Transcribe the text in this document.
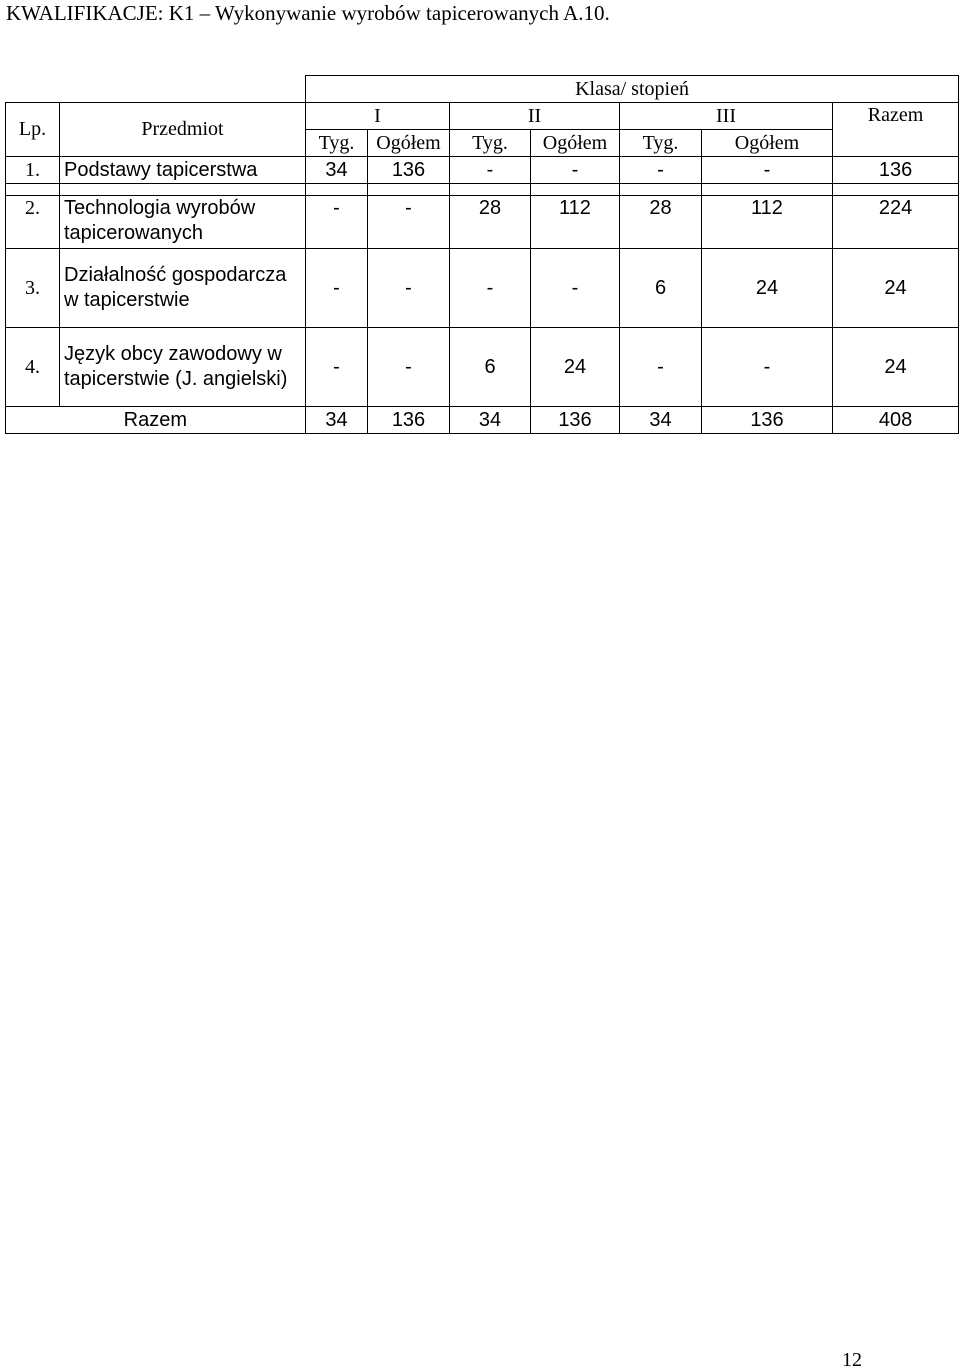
KWALIFIKACJE: K1 – Wykonywanie wyrobów tapicerowanych A.10.
		Klasa/ stopień						
Lp.	Przedmiot	I		II		III		Razem
		Tyg.	Ogółem	Tyg.	Ogółem	Tyg.	Ogółem	
1.	Podstawy tapicerstwa	34	136	-	-	-	-	136

2.	Technologia wyrobów tapicerowanych	-	-	28	112	28	112	224
3.	Działalność gospodarcza w tapicerstwie	-	-	-	-	6	24	24
4.	Język obcy zawodowy w tapicerstwie (J. angielski)	-	-	6	24	-	-	24
Razem		34	136	34	136	34	136	408
12
